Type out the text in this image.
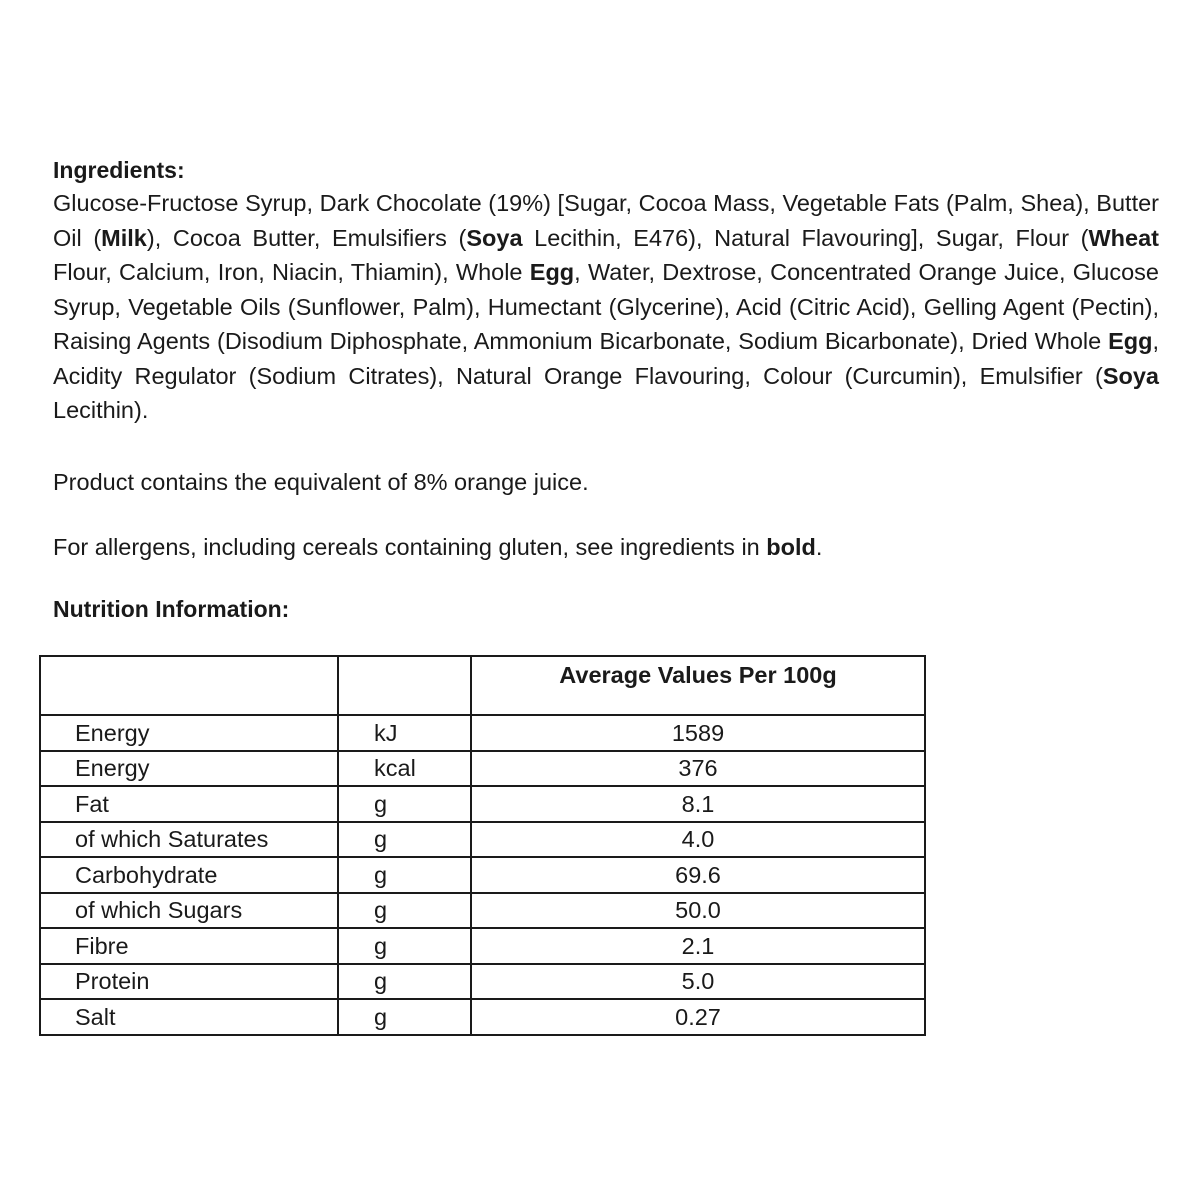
Ingredients:

Glucose-Fructose Syrup, Dark Chocolate (19%) [Sugar, Cocoa Mass, Vegetable Fats (Palm, Shea), Butter Oil (Milk), Cocoa Butter, Emulsifiers (Soya Lecithin, E476), Natural Flavouring], Sugar, Flour (Wheat Flour, Calcium, Iron, Niacin, Thiamin), Whole Egg, Water, Dextrose, Concentrated Orange Juice, Glucose Syrup, Vegetable Oils (Sunflower, Palm), Humectant (Glycerine), Acid (Citric Acid), Gelling Agent (Pectin), Raising Agents (Disodium Diphosphate, Ammonium Bicarbonate, Sodium Bicarbonate), Dried Whole Egg, Acidity Regulator (Sodium Citrates), Natural Orange Flavouring, Colour (Curcumin), Emulsifier (Soya Lecithin).

Product contains the equivalent of 8% orange juice.

For allergens, including cereals containing gluten, see ingredients in bold.

Nutrition Information:
		Average Values Per 100g
Energy	kJ	1589
Energy	kcal	376
Fat	g	8.1
of which Saturates	g	4.0
Carbohydrate	g	69.6
of which Sugars	g	50.0
Fibre	g	2.1
Protein	g	5.0
Salt	g	0.27
